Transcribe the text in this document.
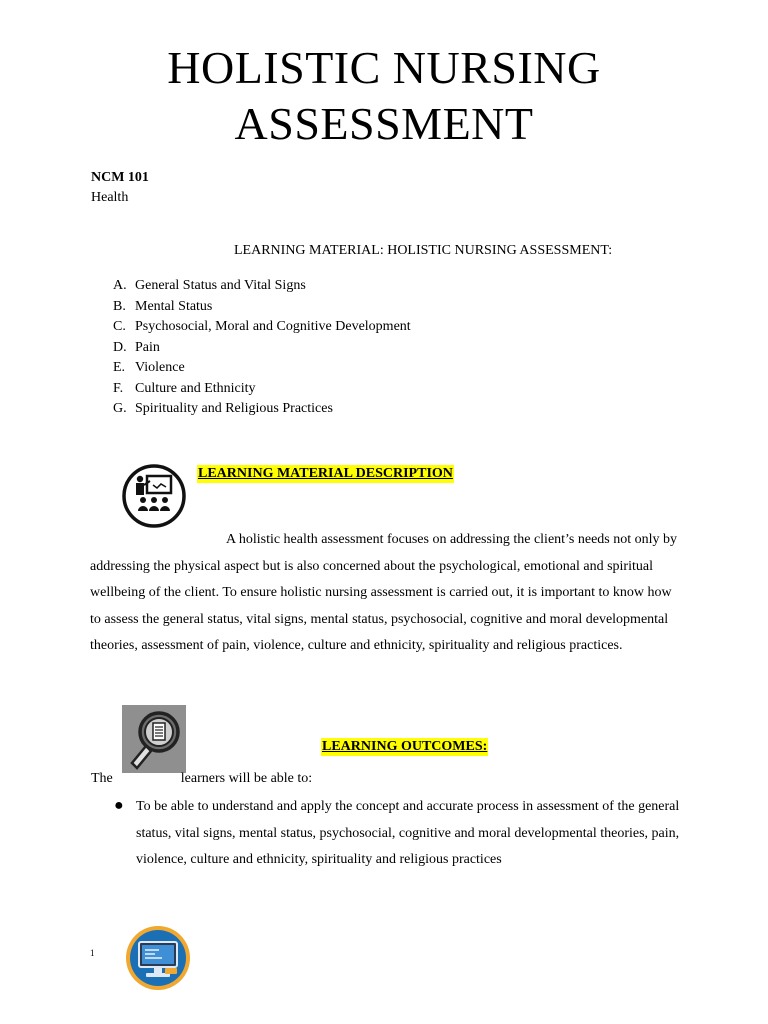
HOLISTIC NURSING
ASSESSMENT
NCM 101
Health
LEARNING MATERIAL: HOLISTIC NURSING ASSESSMENT:
A. General Status and Vital Signs
B. Mental Status
C. Psychosocial, Moral and Cognitive Development
D. Pain
E. Violence
F. Culture and Ethnicity
G. Spirituality and Religious Practices
LEARNING MATERIAL DESCRIPTION
A holistic health assessment focuses on addressing the client’s needs not only by addressing the physical aspect but is also concerned about the psychological, emotional and spiritual wellbeing of the client. To ensure holistic nursing assessment is carried out, it is important to know how to assess the general status, vital signs, mental status, psychosocial, cognitive and moral developmental theories, assessment of pain, violence, culture and ethnicity, spirituality and religious practices.
LEARNING OUTCOMES:
The	learners will be able to:
● To be able to understand and apply the concept and accurate process in assessment of the general status, vital signs, mental status, psychosocial, cognitive and moral developmental theories, pain, violence, culture and ethnicity, spirituality and religious practices
1
